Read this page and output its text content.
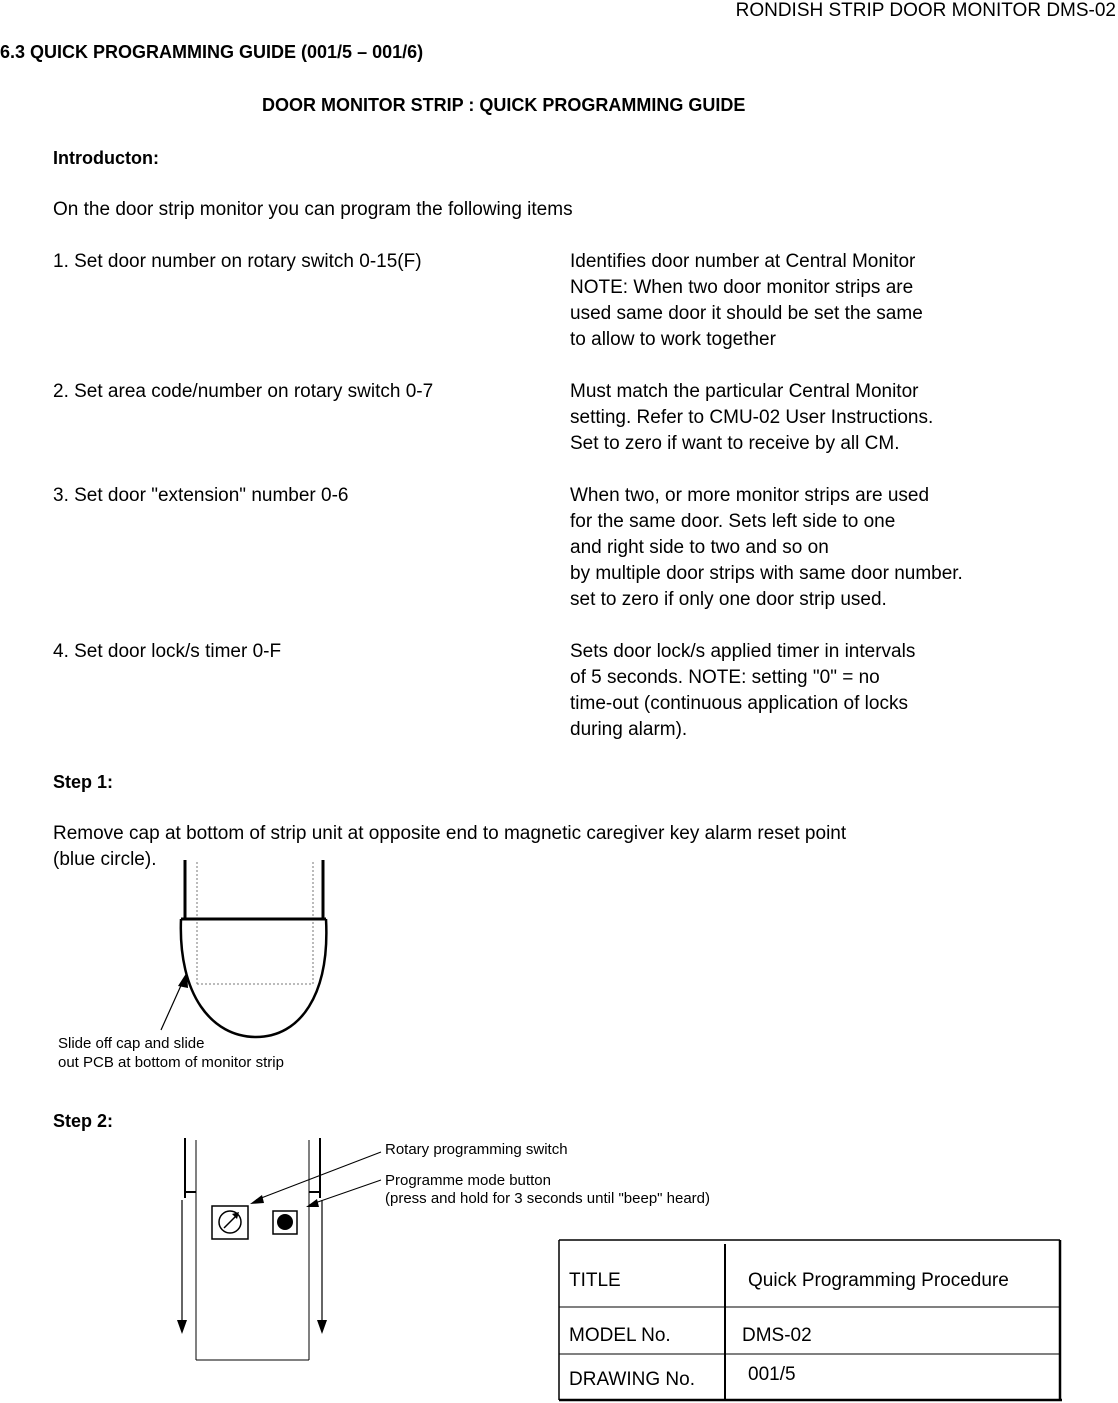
RONDISH STRIP DOOR MONITOR DMS-02
6.3 QUICK PROGRAMMING GUIDE (001/5 – 001/6)
DOOR MONITOR STRIP : QUICK PROGRAMMING GUIDE
Introducton:
On the door strip monitor you can program the following items
1. Set door number on rotary switch 0-15(F)	Identifies door number at Central Monitor
NOTE: When two door monitor strips are
used same door it should be set the same
to allow to work together
2. Set area code/number on rotary switch 0-7	Must match the particular Central Monitor
setting. Refer to CMU-02 User Instructions.
Set to zero if want to receive by all CM.
3. Set door "extension" number 0-6	When two, or more monitor strips are used
for the same door. Sets left side to one
and right side to two and so on
by multiple door strips with same door number.
set to zero if only one door strip used.
4. Set door lock/s timer 0-F	Sets door lock/s applied timer in intervals
of 5 seconds. NOTE: setting "0" = no
time-out (continuous application of locks
during alarm).
Step 1:
Remove cap at bottom of strip unit at opposite end to magnetic caregiver key alarm reset point
(blue circle).
Slide off cap and slide
out PCB at bottom of monitor strip
Step 2:
Rotary programming switch
Programme mode button
(press and hold for 3 seconds until "beep" heard)
TITLE	Quick Programming Procedure
MODEL No.	DMS-02
DRAWING No.	001/5
